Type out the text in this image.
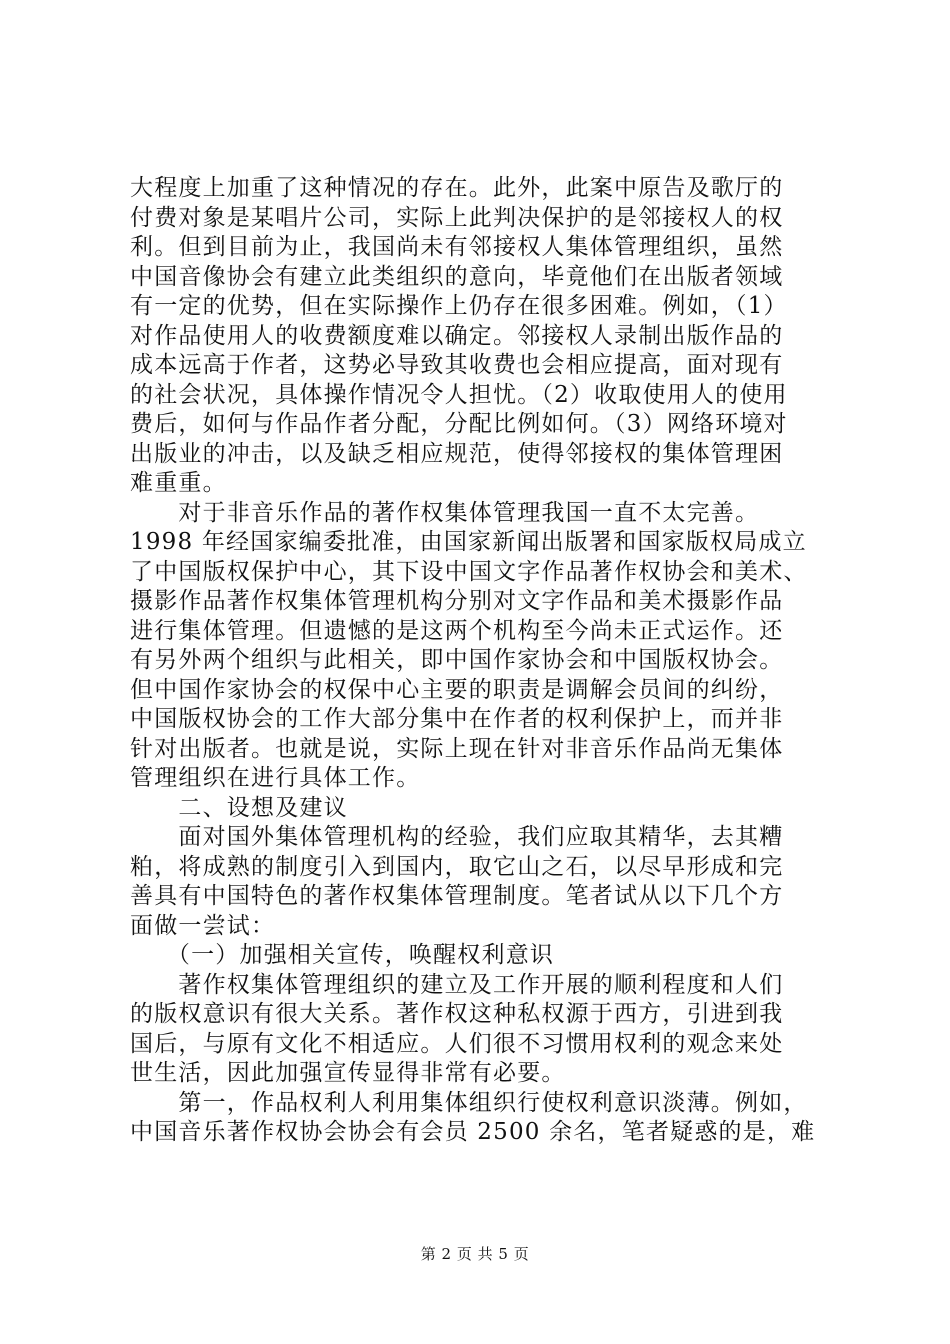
大程度上加重了这种情况的存在。此外，此案中原告及歌厅的
付费对象是某唱片公司，实际上此判决保护的是邻接权人的权
利。但到目前为止，我国尚未有邻接权人集体管理组织，虽然
中国音像协会有建立此类组织的意向，毕竟他们在出版者领域
有一定的优势，但在实际操作上仍存在很多困难。例如，（1）
对作品使用人的收费额度难以确定。邻接权人录制出版作品的
成本远高于作者，这势必导致其收费也会相应提高，面对现有
的社会状况，具体操作情况令人担忧。（2）收取使用人的使用
费后，如何与作品作者分配，分配比例如何。（3）网络环境对
出版业的冲击，以及缺乏相应规范，使得邻接权的集体管理困
难重重。
　　对于非音乐作品的著作权集体管理我国一直不太完善。
1998 年经国家编委批准，由国家新闻出版署和国家版权局成立
了中国版权保护中心，其下设中国文字作品著作权协会和美术、
摄影作品著作权集体管理机构分别对文字作品和美术摄影作品
进行集体管理。但遗憾的是这两个机构至今尚未正式运作。还
有另外两个组织与此相关，即中国作家协会和中国版权协会。
但中国作家协会的权保中心主要的职责是调解会员间的纠纷，
中国版权协会的工作大部分集中在作者的权利保护上，而并非
针对出版者。也就是说，实际上现在针对非音乐作品尚无集体
管理组织在进行具体工作。
　　二、设想及建议
　　面对国外集体管理机构的经验，我们应取其精华，去其糟
粕，将成熟的制度引入到国内，取它山之石，以尽早形成和完
善具有中国特色的著作权集体管理制度。笔者试从以下几个方
面做一尝试：
　　（一）加强相关宣传，唤醒权利意识
　　著作权集体管理组织的建立及工作开展的顺利程度和人们
的版权意识有很大关系。著作权这种私权源于西方，引进到我
国后，与原有文化不相适应。人们很不习惯用权利的观念来处
世生活，因此加强宣传显得非常有必要。
　　第一，作品权利人利用集体组织行使权利意识淡薄。例如，
中国音乐著作权协会协会有会员 2500 余名，笔者疑惑的是，难
第 2 页 共 5 页
